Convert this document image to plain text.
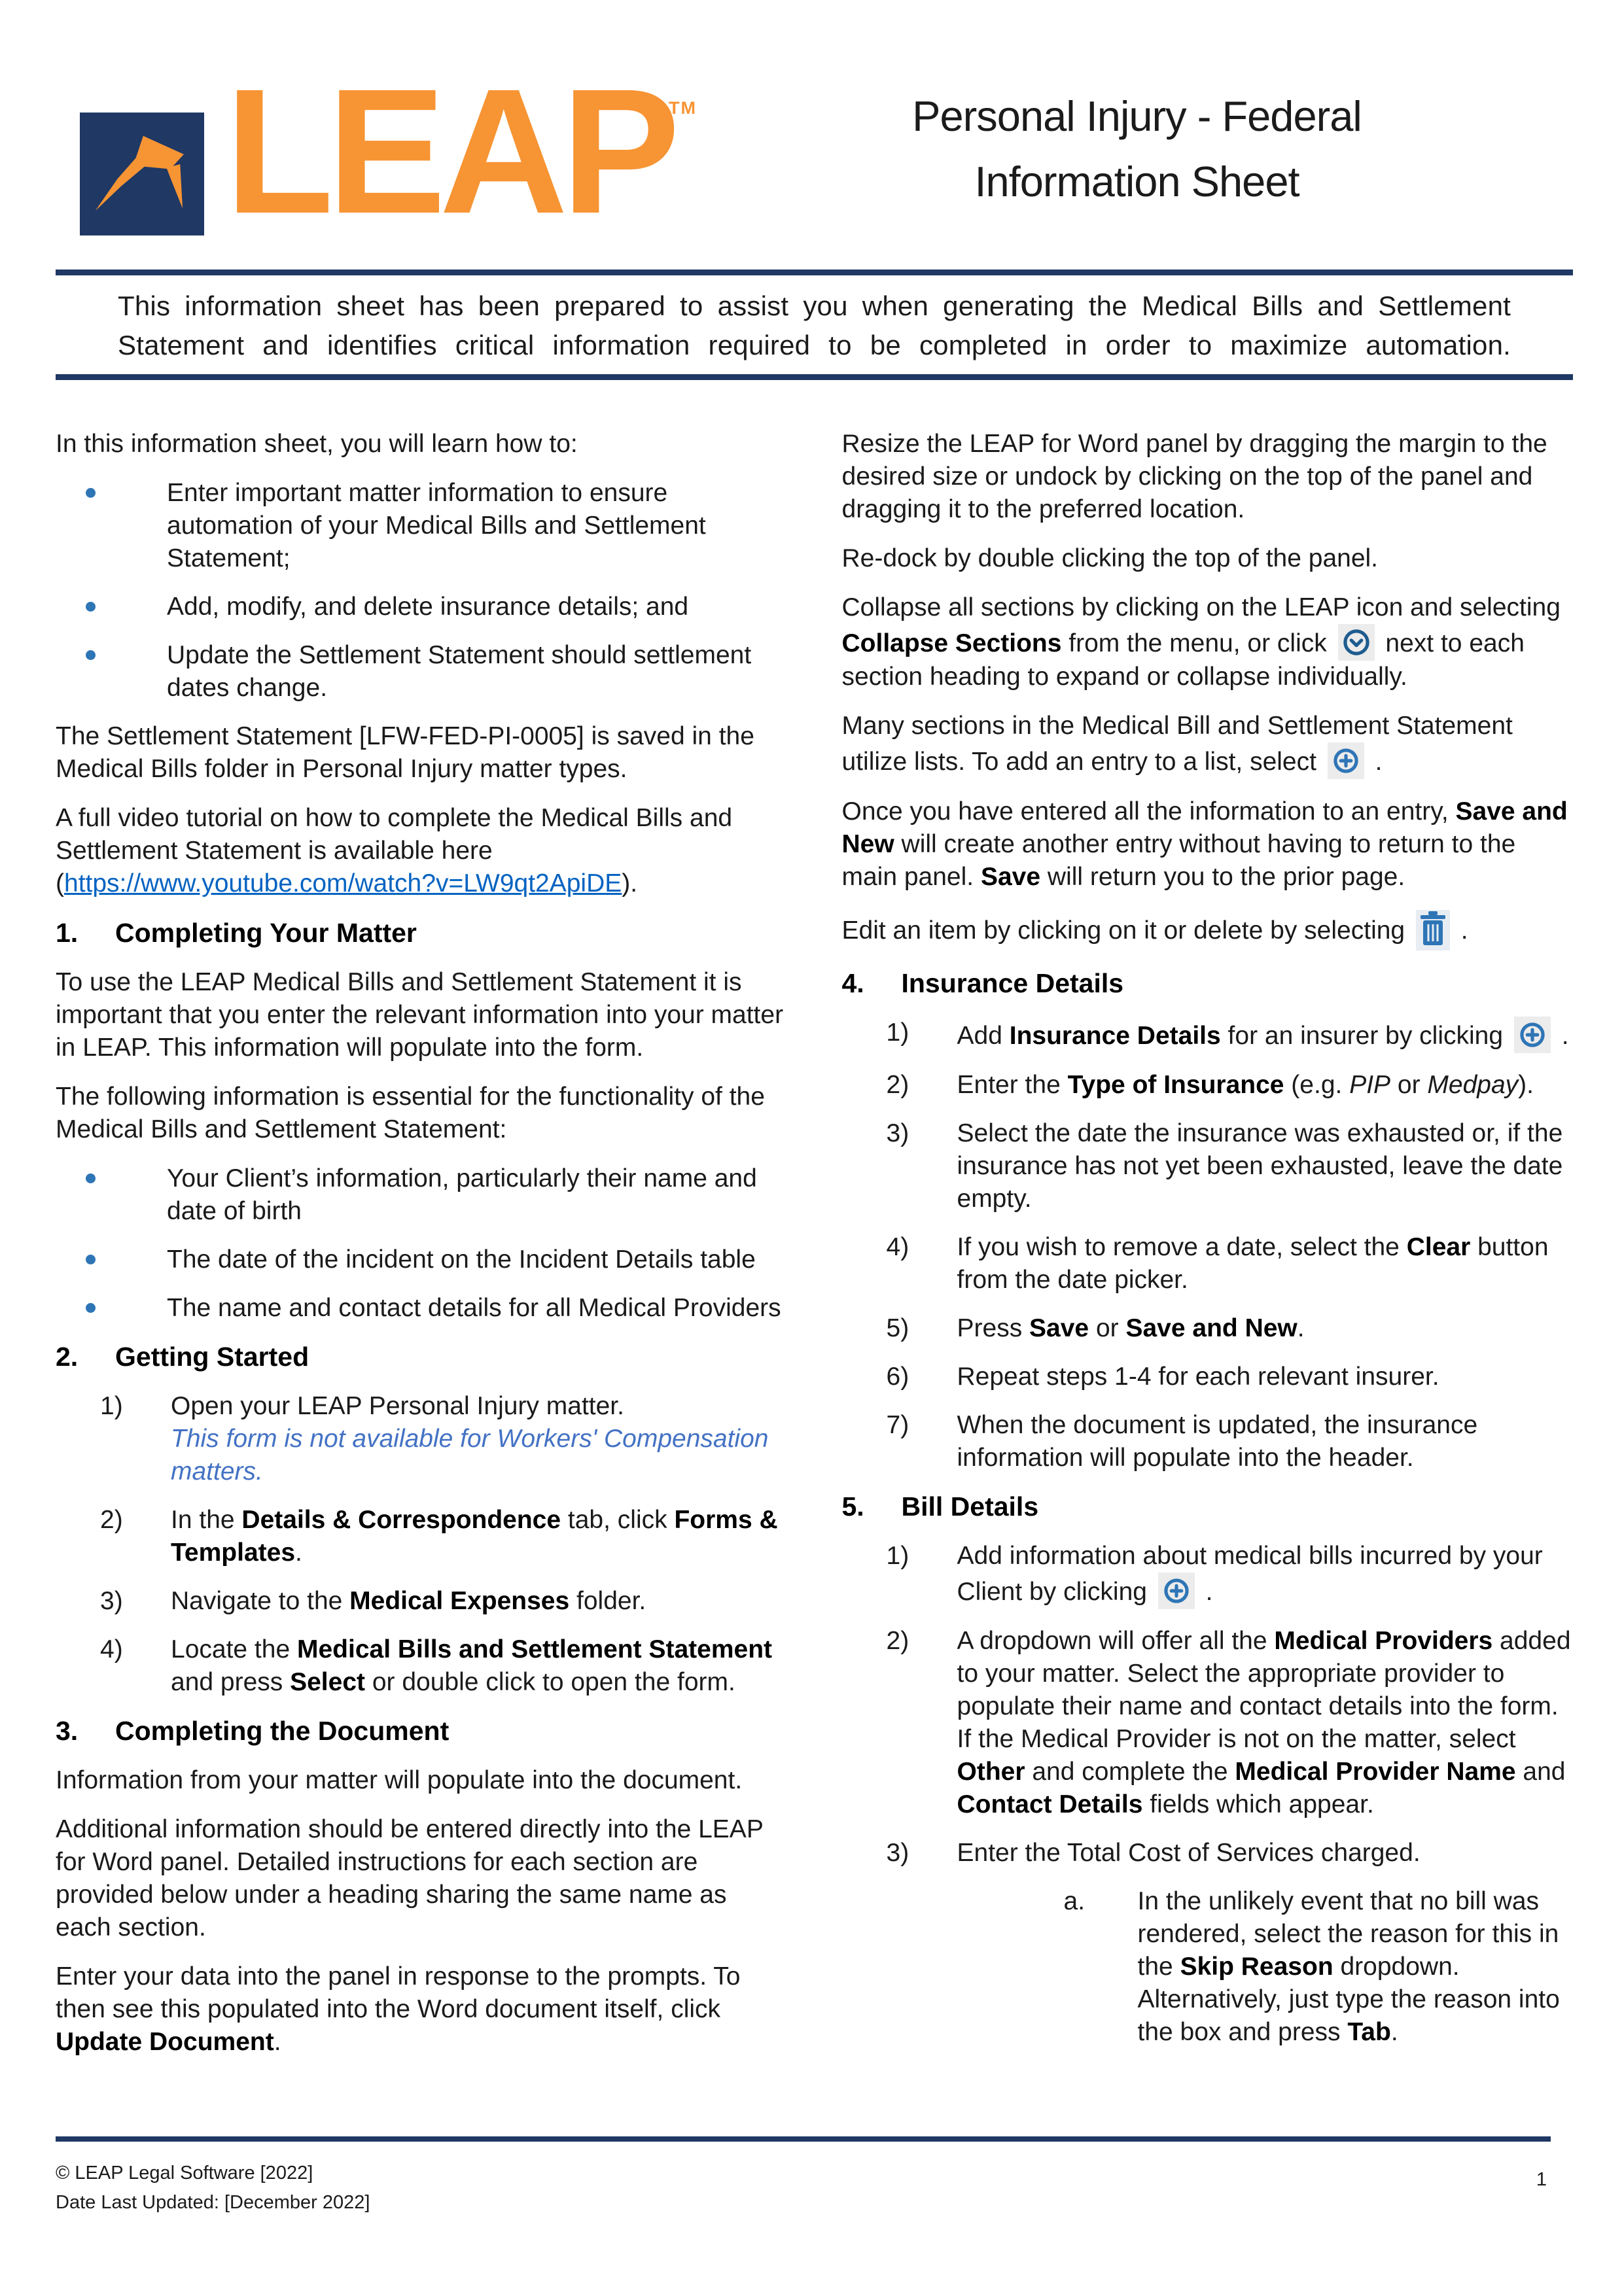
LEAP
TM	Personal Injury - Federal
Information Sheet
This information sheet has been prepared to assist you when generating the Medical Bills and Settlement Statement and identifies critical information required to be completed in order to maximize automation.

In this information sheet, you will learn how to:

Enter important matter information to ensure automation of your Medical Bills and Settlement Statement;
Add, modify, and delete insurance details; and
Update the Settlement Statement should settlement dates change.

The Settlement Statement [LFW-FED-PI-0005] is saved in the Medical Bills folder in Personal Injury matter types.

A full video tutorial on how to complete the Medical Bills and Settlement Statement is available here (https://www.youtube.com/watch?v=LW9qt2ApiDE).

1. Completing Your Matter

To use the LEAP Medical Bills and Settlement Statement it is important that you enter the relevant information into your matter in LEAP. This information will populate into the form.

The following information is essential for the functionality of the Medical Bills and Settlement Statement:

Your Client’s information, particularly their name and date of birth
The date of the incident on the Incident Details table
The name and contact details for all Medical Providers
2. Getting Started
1) Open your LEAP Personal Injury matter.
This form is not available for Workers' Compensation matters.
2) In the Details & Correspondence tab, click Forms & Templates.
3) Navigate to the Medical Expenses folder.
4) Locate the Medical Bills and Settlement Statement and press Select or double click to open the form.
3. Completing the Document

Information from your matter will populate into the document.

Additional information should be entered directly into the LEAP for Word panel. Detailed instructions for each section are provided below under a heading sharing the same name as each section.

Enter your data into the panel in response to the prompts. To then see this populated into the Word document itself, click Update Document.

Resize the LEAP for Word panel by dragging the margin to the desired size or undock by clicking on the top of the panel and dragging it to the preferred location.

Re-dock by double clicking the top of the panel.

Collapse all sections by clicking on the LEAP icon and selecting Collapse Sections from the menu, or click
next to each section heading to expand or collapse individually.

Many sections in the Medical Bill and Settlement Statement utilize lists. To add an entry to a list, select
.

Once you have entered all the information to an entry, Save and New will create another entry without having to return to the main panel. Save will return you to the prior page.

Edit an item by clicking on it or delete by selecting
.

4. Insurance Details
1) Add Insurance Details for an insurer by clicking
.
2) Enter the Type of Insurance (e.g. PIP or Medpay).
3) Select the date the insurance was exhausted or, if the insurance has not yet been exhausted, leave the date empty.
4) If you wish to remove a date, select the Clear button from the date picker.
5) Press Save or Save and New.
6) Repeat steps 1-4 for each relevant insurer.
7) When the document is updated, the insurance information will populate into the header.
5. Bill Details
1) Add information about medical bills incurred by your Client by clicking
.
2) A dropdown will offer all the Medical Providers added to your matter. Select the appropriate provider to populate their name and contact details into the form.
If the Medical Provider is not on the matter, select Other and complete the Medical Provider Name and Contact Details fields which appear.
3) Enter the Total Cost of Services charged.
a. In the unlikely event that no bill was rendered, select the reason for this in the Skip Reason dropdown. Alternatively, just type the reason into the box and press Tab.
© LEAP Legal Software [2022]
Date Last Updated: [December 2022]
1
